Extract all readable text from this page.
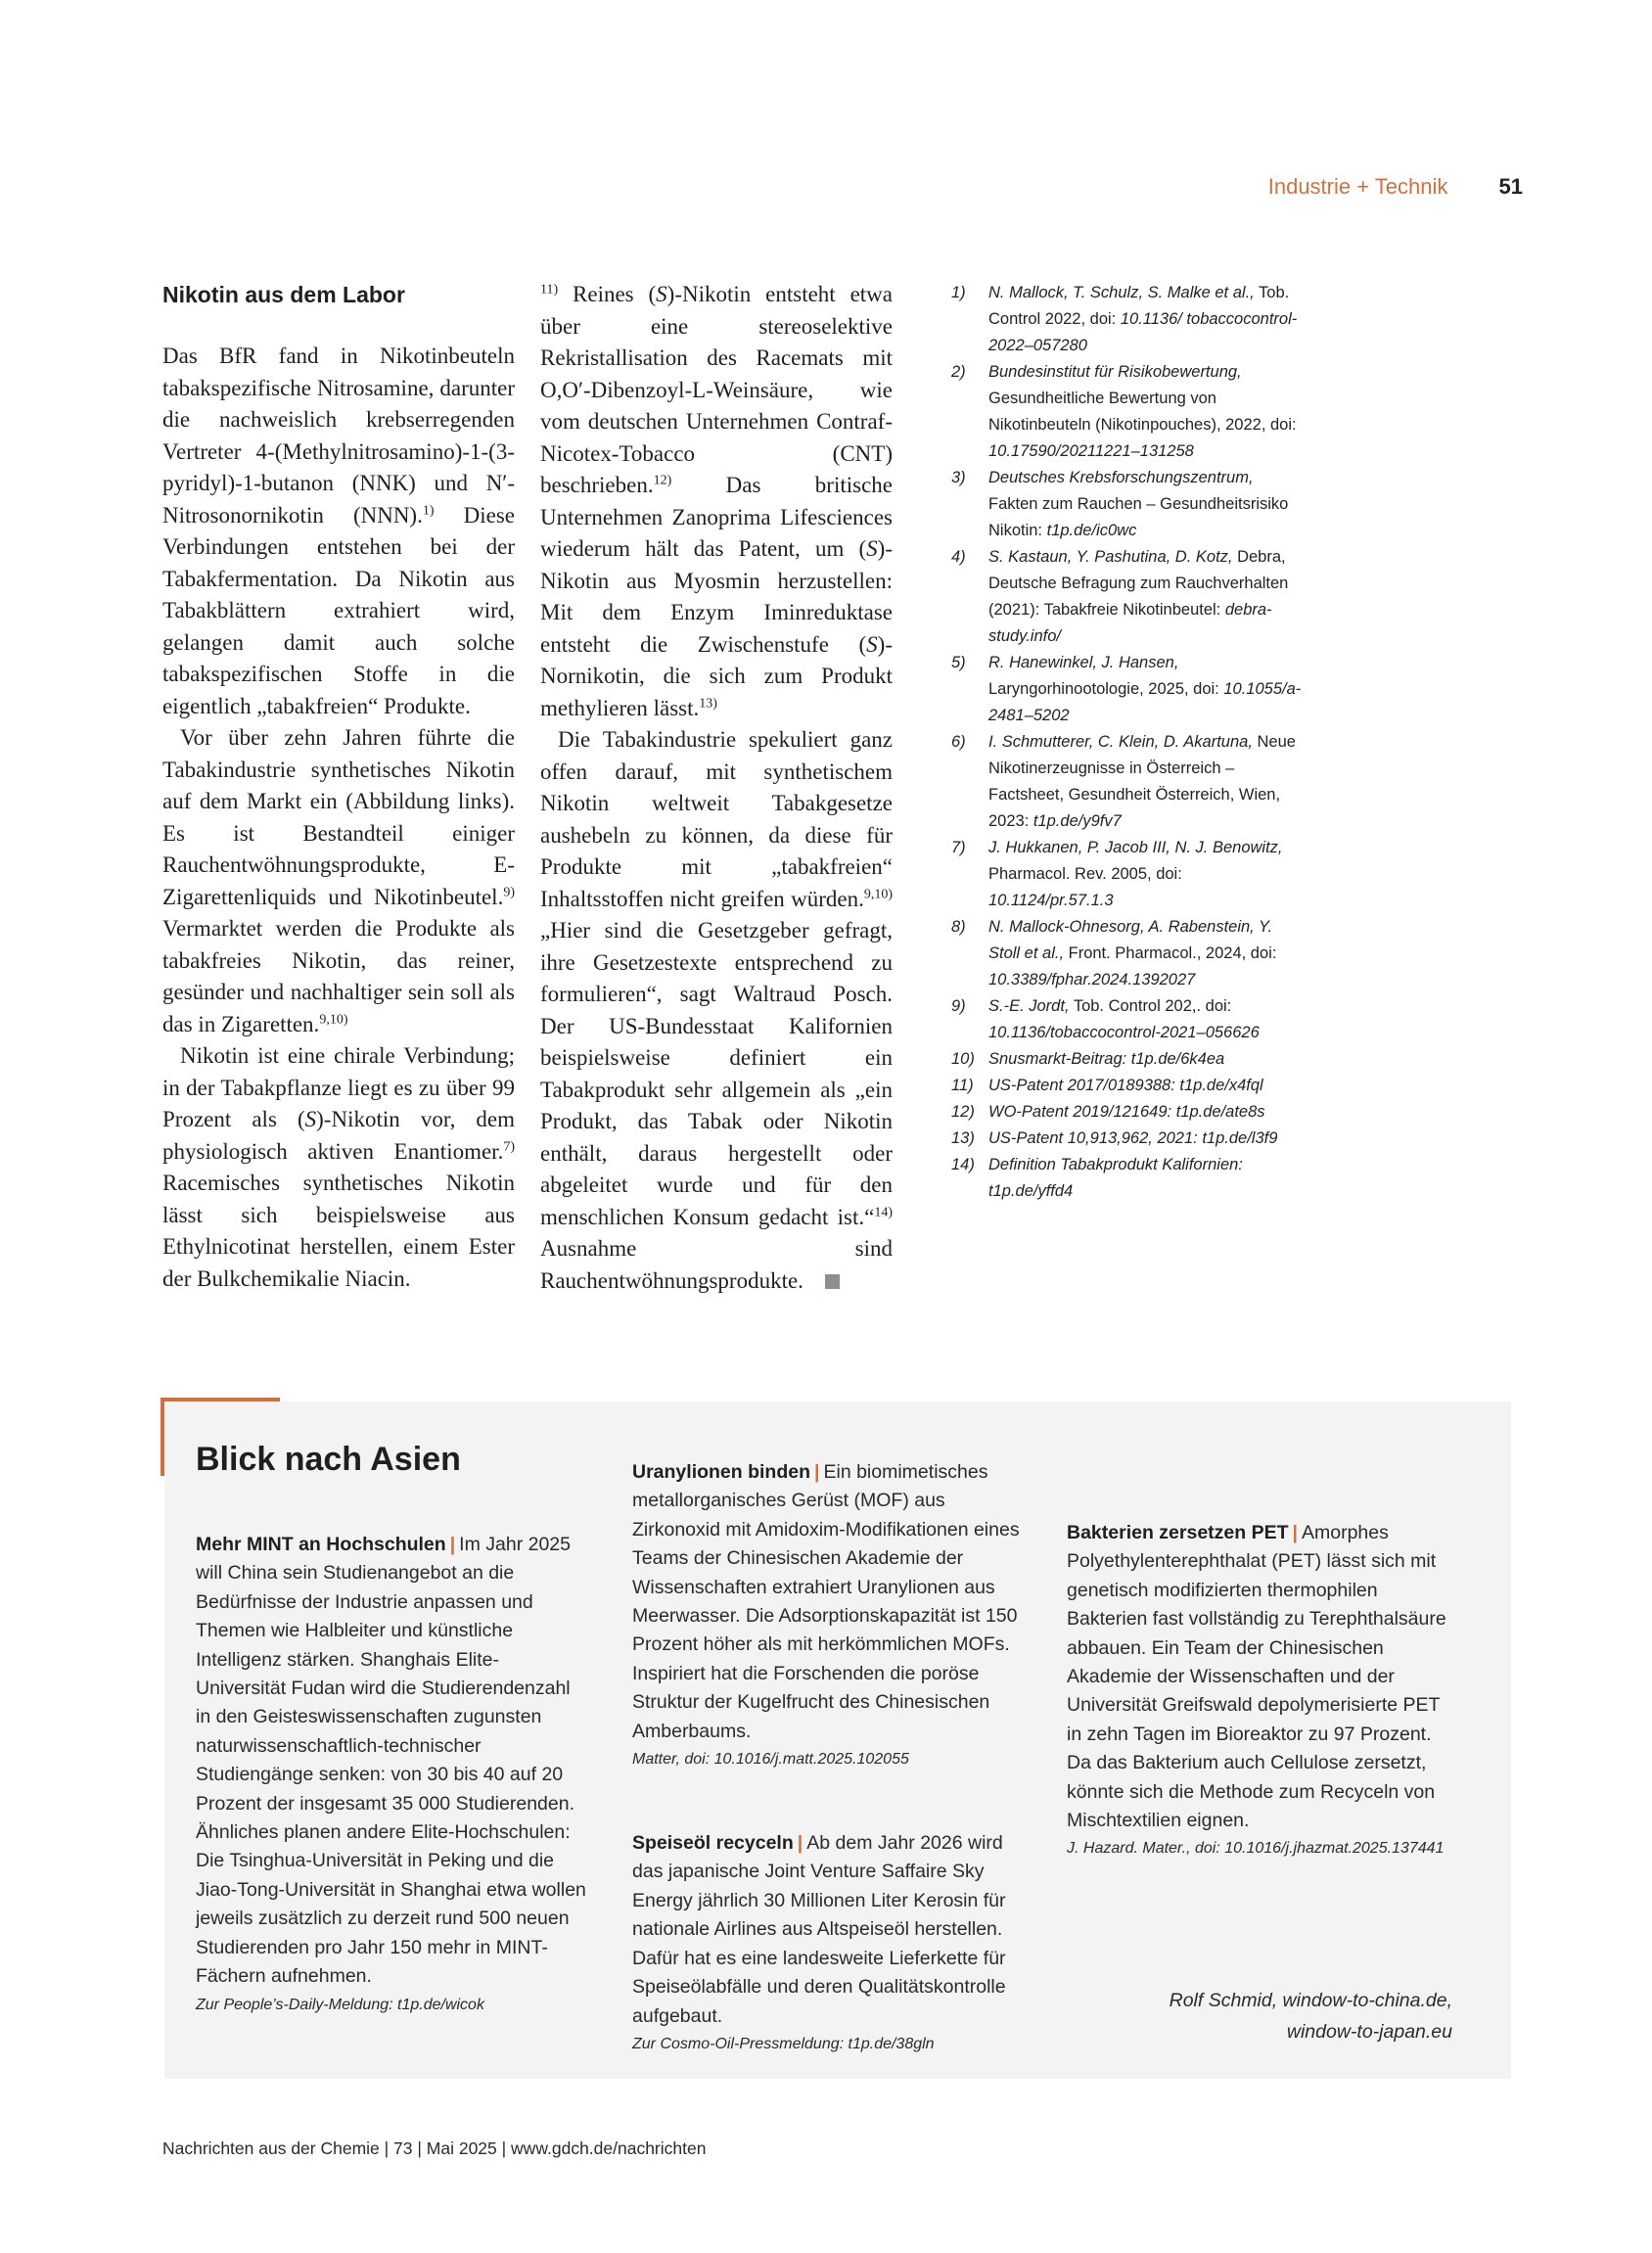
Industrie + Technik 51
Nikotin aus dem Labor

Das BfR fand in Nikotinbeuteln tabakspezifische Nitrosamine, darunter die nachweislich krebserregenden Vertreter 4-(Methylnitrosamino)-1-(3-pyridyl)-1-butanon (NNK) und N′-Nitrosonornikotin (NNN).$^{1)}$ Diese Verbindungen entstehen bei der Tabakfermentation. Da Nikotin aus Tabakblättern extrahiert wird, gelangen damit auch solche tabakspezifischen Stoffe in die eigentlich „tabakfreien“ Produkte.

Vor über zehn Jahren führte die Tabakindustrie synthetisches Nikotin auf dem Markt ein (Abbildung links). Es ist Bestandteil einiger Rauchentwöhnungsprodukte, E-Zigarettenliquids und Nikotinbeutel.$^{9)}$ Vermarktet werden die Produkte als tabakfreies Nikotin, das reiner, gesünder und nachhaltiger sein soll als das in Zigaretten.$^{9,10)}$

Nikotin ist eine chirale Verbindung; in der Tabakpflanze liegt es zu über 99 Prozent als (S)-Nikotin vor, dem physiologisch aktiven Enantiomer.$^{7)}$ Racemisches synthetisches Nikotin lässt sich beispielsweise aus Ethylnicotinat herstellen, einem Ester der Bulkchemikalie Niacin.

$^{11)}$ Reines (S)-Nikotin entsteht etwa über eine stereoselektive Rekristallisation des Racemats mit O,O′-Dibenzoyl-L-Weinsäure, wie vom deutschen Unternehmen Contraf-Nicotex-Tobacco (CNT) beschrieben.$^{12)}$ Das britische Unternehmen Zanoprima Lifesciences wiederum hält das Patent, um (S)-Nikotin aus Myosmin herzustellen: Mit dem Enzym Iminreduktase entsteht die Zwischenstufe (S)-Nornikotin, die sich zum Produkt methylieren lässt.$^{13)}$

Die Tabakindustrie spekuliert ganz offen darauf, mit synthetischem Nikotin weltweit Tabakgesetze aushebeln zu können, da diese für Produkte mit „tabakfreien“ Inhaltsstoffen nicht greifen würden.$^{9,10)}$ „Hier sind die Gesetzgeber gefragt, ihre Gesetzestexte entsprechend zu formulieren“, sagt Waltraud Posch. Der US-Bundesstaat Kalifornien beispielsweise definiert ein Tabakprodukt sehr allgemein als „ein Produkt, das Tabak oder Nikotin enthält, daraus hergestellt oder abgeleitet wurde und für den menschlichen Konsum gedacht ist.“$^{14)}$ Ausnahme sind Rauchentwöhnungsprodukte.

1)	N. Mallock, T. Schulz, S. Malke et al., Tob. Control 2022, doi: 10.1136/ tobaccocontrol-2022–057280
2)	Bundesinstitut für Risikobewertung, Gesundheitliche Bewertung von Nikotinbeuteln (Nikotinpouches), 2022, doi: 10.17590/20211221–131258
3)	Deutsches Krebsforschungszentrum, Fakten zum Rauchen – Gesundheitsrisiko Nikotin: t1p.de/ic0wc
4)	S. Kastaun, Y. Pashutina, D. Kotz, Debra, Deutsche Befragung zum Rauchverhalten (2021): Tabakfreie Nikotinbeutel: debra-study.info/
5)	R. Hanewinkel, J. Hansen, Laryngorhinootologie, 2025, doi: 10.1055/a-2481–5202
6)	I. Schmutterer, C. Klein, D. Akartuna, Neue Nikotinerzeugnisse in Österreich – Factsheet, Gesundheit Österreich, Wien, 2023: t1p.de/y9fv7
7)	J. Hukkanen, P. Jacob III, N. J. Benowitz, Pharmacol. Rev. 2005, doi: 10.1124/pr.57.1.3
8)	N. Mallock-Ohnesorg, A. Rabenstein, Y. Stoll et al., Front. Pharmacol., 2024, doi: 10.3389/fphar.2024.1392027
9)	S.-E. Jordt, Tob. Control 202,. doi: 10.1136/tobaccocontrol-2021–056626
10) Snusmarkt-Beitrag: t1p.de/6k4ea
11) US-Patent 2017/0189388: t1p.de/x4fql
12) WO-Patent 2019/121649: t1p.de/ate8s
13) US-Patent 10,913,962, 2021: t1p.de/l3f9
14) Definition Tabakprodukt Kalifornien: t1p.de/yffd4
Blick nach Asien

Mehr MINT an Hochschulen | Im Jahr 2025 will China sein Studienangebot an die Bedürfnisse der Industrie anpassen und Themen wie Halbleiter und künstliche Intelligenz stärken. Shanghais Elite-Universität Fudan wird die Studierendenzahl in den Geisteswissenschaften zugunsten naturwissenschaftlich-technischer Studiengänge senken: von 30 bis 40 auf 20 Prozent der insgesamt 35 000 Studierenden. Ähnliches planen andere Elite-Hochschulen: Die Tsinghua-Universität in Peking und die Jiao-Tong-Universität in Shanghai etwa wollen jeweils zusätzlich zu derzeit rund 500 neuen Studierenden pro Jahr 150 mehr in MINT-Fächern aufnehmen.

Zur People’s-Daily-Meldung: t1p.de/wicok

Uranylionen binden | Ein biomimetisches metallorganisches Gerüst (MOF) aus Zirkonoxid mit Amidoxim-Modifikationen eines Teams der Chinesischen Akademie der Wissenschaften extrahiert Uranylionen aus Meerwasser. Die Adsorptionskapazität ist 150 Prozent höher als mit herkömmlichen MOFs. Inspiriert hat die Forschenden die poröse Struktur der Kugelfrucht des Chinesischen Amberbaums.

Matter, doi: 10.1016/j.matt.2025.102055

Speiseöl recyceln | Ab dem Jahr 2026 wird das japanische Joint Venture Saffaire Sky Energy jährlich 30 Millionen Liter Kerosin für nationale Airlines aus Altspeiseöl herstellen. Dafür hat es eine landesweite Lieferkette für Speiseölabfälle und deren Qualitätskontrolle aufgebaut.

Zur Cosmo-Oil-Pressmeldung: t1p.de/38gln

Bakterien zersetzen PET | Amorphes Polyethylenterephthalat (PET) lässt sich mit genetisch modifizierten thermophilen Bakterien fast vollständig zu Terephthalsäure abbauen. Ein Team der Chinesischen Akademie der Wissenschaften und der Universität Greifswald depolymerisierte PET in zehn Tagen im Bioreaktor zu 97 Prozent. Da das Bakterium auch Cellulose zersetzt, könnte sich die Methode zum Recyceln von Mischtextilien eignen.

J. Hazard. Mater., doi: 10.1016/j.jhazmat.2025.137441

Rolf Schmid, window-to-china.de,
window-to-japan.eu
Nachrichten aus der Chemie | 73 | Mai 2025 | www.gdch.de/nachrichten
